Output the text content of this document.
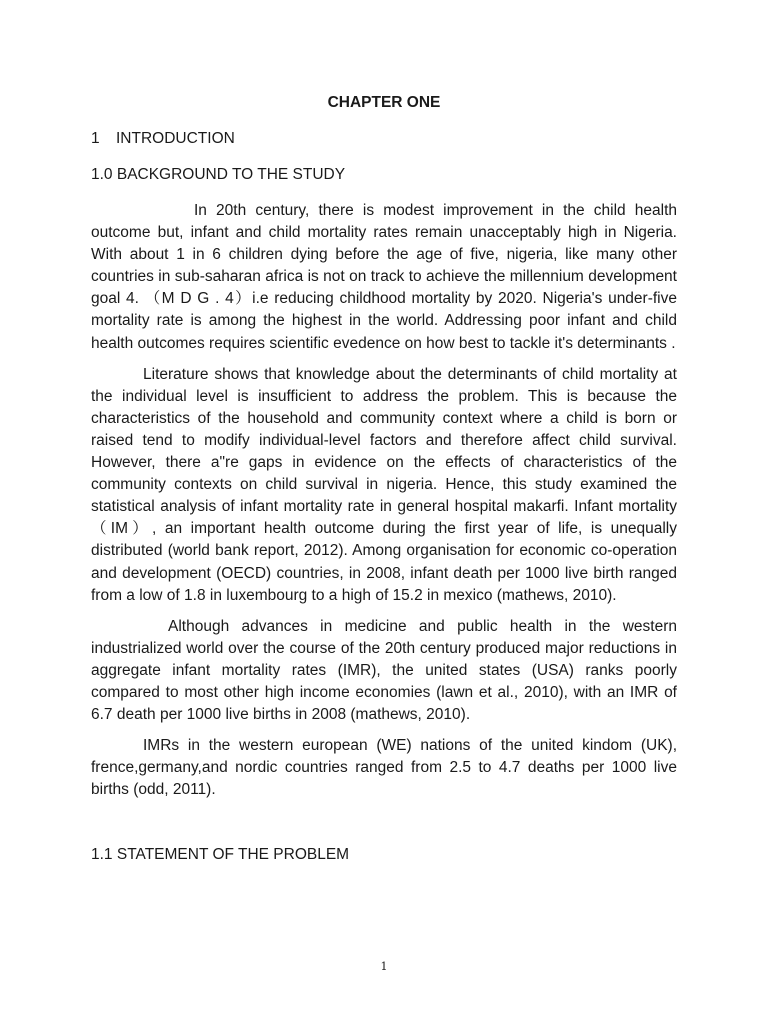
CHAPTER ONE
1 INTRODUCTION
1.0 BACKGROUND TO THE STUDY

In 20th century, there is modest improvement in the child health outcome but, infant and child mortality rates remain unacceptably high in Nigeria. With about 1 in 6 children dying before the age of five, nigeria, like many other countries in sub-saharan africa is not on track to achieve the millennium development goal 4. （M D G . 4）i.e reducing childhood mortality by 2020. Nigeria's under-five mortality rate is among the highest in the world. Addressing poor infant and child health outcomes requires scientific evedence on how best to tackle it's determinants .

Literature shows that knowledge about the determinants of child mortality at the individual level is insufficient to address the problem. This is because the characteristics of the household and community context where a child is born or raised tend to modify individual-level factors and therefore affect child survival. However, there a"re gaps in evidence on the effects of characteristics of the community contexts on child survival in nigeria. Hence, this study examined the statistical analysis of infant mortality rate in general hospital makarfi. Infant mortality （IM）, an important health outcome during the first year of life, is unequally distributed (world bank report, 2012). Among organisation for economic co-operation and development (OECD) countries, in 2008, infant death per 1000 live birth ranged from a low of 1.8 in luxembourg to a high of 15.2 in mexico (mathews, 2010).

Although advances in medicine and public health in the western industrialized world over the course of the 20th century produced major reductions in aggregate infant mortality rates (IMR), the united states (USA) ranks poorly compared to most other high income economies (lawn et al., 2010), with an IMR of 6.7 death per 1000 live births in 2008 (mathews, 2010).

IMRs in the western european (WE) nations of the united kindom (UK), frence,germany,and nordic countries ranged from 2.5 to 4.7 deaths per 1000 live births (odd, 2011).

1.1 STATEMENT OF THE PROBLEM
1
